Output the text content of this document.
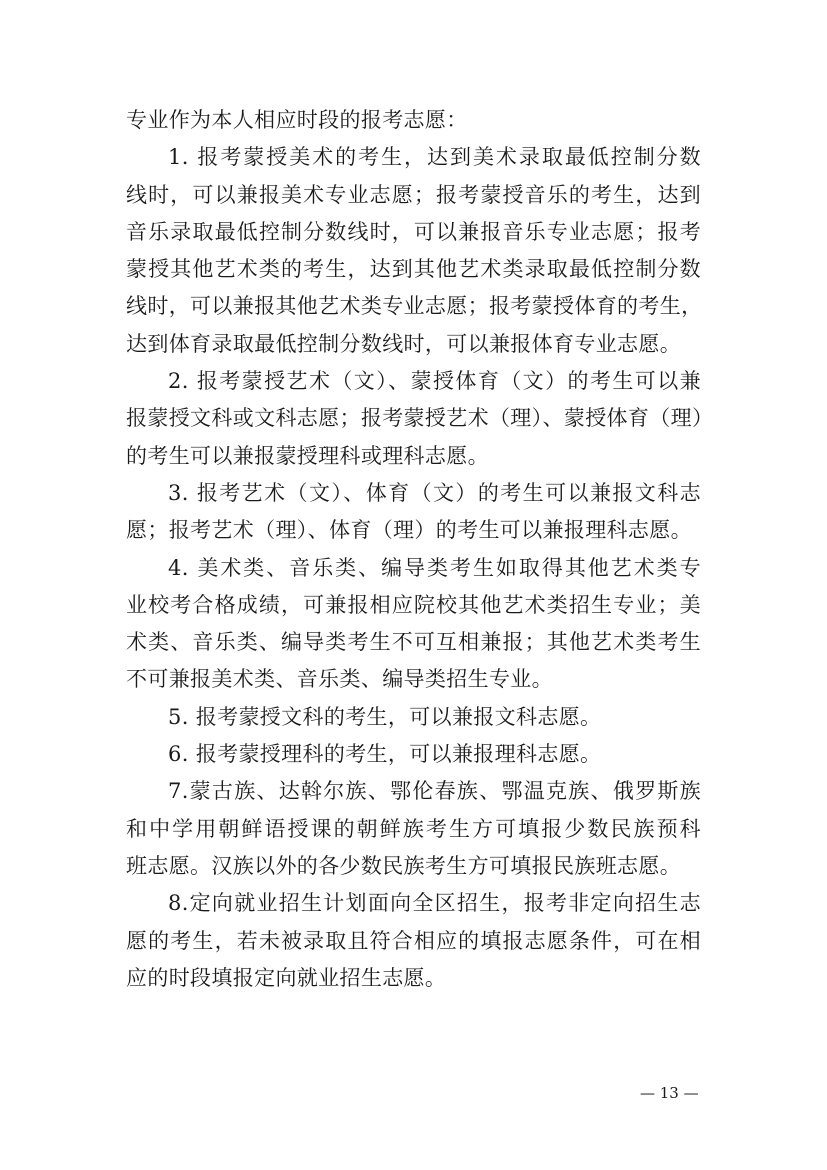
专业作为本人相应时段的报考志愿：
1. 报考蒙授美术的考生，达到美术录取最低控制分数
线时，可以兼报美术专业志愿；报考蒙授音乐的考生，达到
音乐录取最低控制分数线时，可以兼报音乐专业志愿；报考
蒙授其他艺术类的考生，达到其他艺术类录取最低控制分数
线时，可以兼报其他艺术类专业志愿；报考蒙授体育的考生，
达到体育录取最低控制分数线时，可以兼报体育专业志愿。
2. 报考蒙授艺术（文）、蒙授体育（文）的考生可以兼
报蒙授文科或文科志愿；报考蒙授艺术（理）、蒙授体育（理）
的考生可以兼报蒙授理科或理科志愿。
3. 报考艺术（文）、体育（文）的考生可以兼报文科志
愿；报考艺术（理）、体育（理）的考生可以兼报理科志愿。
4. 美术类、音乐类、编导类考生如取得其他艺术类专
业校考合格成绩，可兼报相应院校其他艺术类招生专业；美
术类、音乐类、编导类考生不可互相兼报；其他艺术类考生
不可兼报美术类、音乐类、编导类招生专业。
5. 报考蒙授文科的考生，可以兼报文科志愿。
6. 报考蒙授理科的考生，可以兼报理科志愿。
7.蒙古族、达斡尔族、鄂伦春族、鄂温克族、俄罗斯族
和中学用朝鲜语授课的朝鲜族考生方可填报少数民族预科
班志愿。汉族以外的各少数民族考生方可填报民族班志愿。
8.定向就业招生计划面向全区招生，报考非定向招生志
愿的考生，若未被录取且符合相应的填报志愿条件，可在相
应的时段填报定向就业招生志愿。
— 13 —
